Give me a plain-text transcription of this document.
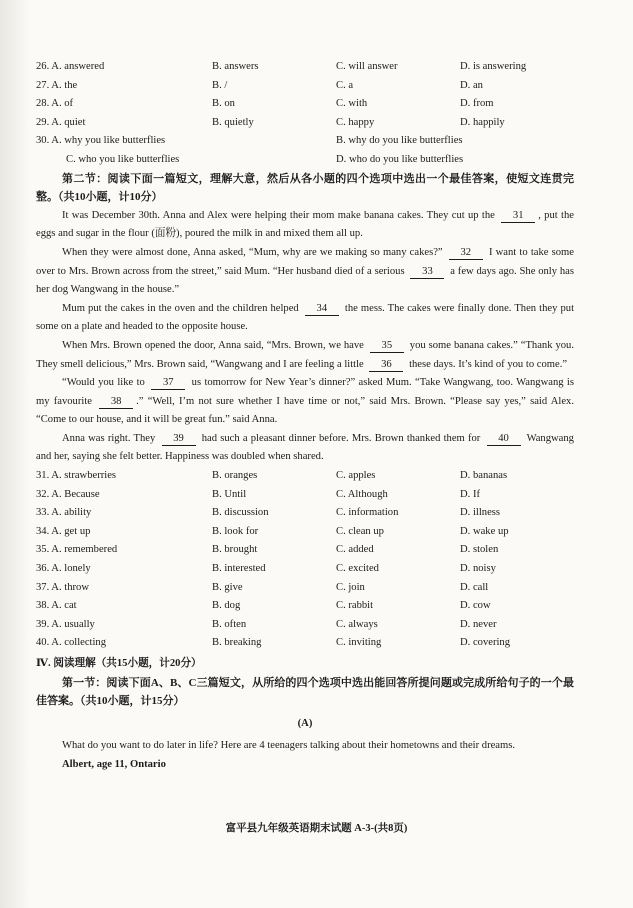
26. A. answered	B. answers	C. will answer	D. is answering
27. A. the	B. /	C. a	D. an
28. A. of	B. on	C. with	D. from
29. A. quiet	B. quietly	C. happy	D. happily
30. A. why you like butterflies	B. why do you like butterflies
C. who you like butterflies	D. who do you like butterflies

第二节：阅读下面一篇短文，理解大意，然后从各小题的四个选项中选出一个最佳答案，使短文连贯完整。（共10小题，计10分）

It was December 30th. Anna and Alex were helping their mom make banana cakes. They cut up the 31 , put the eggs and sugar in the flour (面粉), poured the milk in and mixed them all up.

When they were almost done, Anna asked, “Mum, why are we making so many cakes?” 32 I want to take some over to Mrs. Brown across from the street,” said Mum. “Her husband died of a serious 33 a few days ago. She only has her dog Wangwang in the house.”

Mum put the cakes in the oven and the children helped 34 the mess. The cakes were finally done. Then they put some on a plate and headed to the opposite house.

When Mrs. Brown opened the door, Anna said, “Mrs. Brown, we have 35 you some banana cakes.” “Thank you. They smell delicious,” Mrs. Brown said, “Wangwang and I are feeling a little 36 these days. It’s kind of you to come.”

“Would you like to 37 us tomorrow for New Year’s dinner?” asked Mum. “Take Wangwang, too. Wangwang is my favourite 38 .” “Well, I’m not sure whether I have time or not,” said Mrs. Brown. “Please say yes,” said Alex. “Come to our house, and it will be great fun.” said Anna.

Anna was right. They 39 had such a pleasant dinner before. Mrs. Brown thanked them for 40 Wangwang and her, saying she felt better. Happiness was doubled when shared.

31. A. strawberries	B. oranges	C. apples	D. bananas
32. A. Because	B. Until	C. Although	D. If
33. A. ability	B. discussion	C. information	D. illness
34. A. get up	B. look for	C. clean up	D. wake up
35. A. remembered	B. brought	C. added	D. stolen
36. A. lonely	B. interested	C. excited	D. noisy
37. A. throw	B. give	C. join	D. call
38. A. cat	B. dog	C. rabbit	D. cow
39. A. usually	B. often	C. always	D. never
40. A. collecting	B. breaking	C. inviting	D. covering
Ⅳ. 阅读理解（共15小题，计20分）

第一节：阅读下面A、B、C三篇短文，从所给的四个选项中选出能回答所提问题或完成所给句子的一个最佳答案。（共10小题，计15分）

(A)

What do you want to do later in life? Here are 4 teenagers talking about their hometowns and their dreams.

Albert, age 11, Ontario
富平县九年级英语期末试题 A-3-(共8页)
